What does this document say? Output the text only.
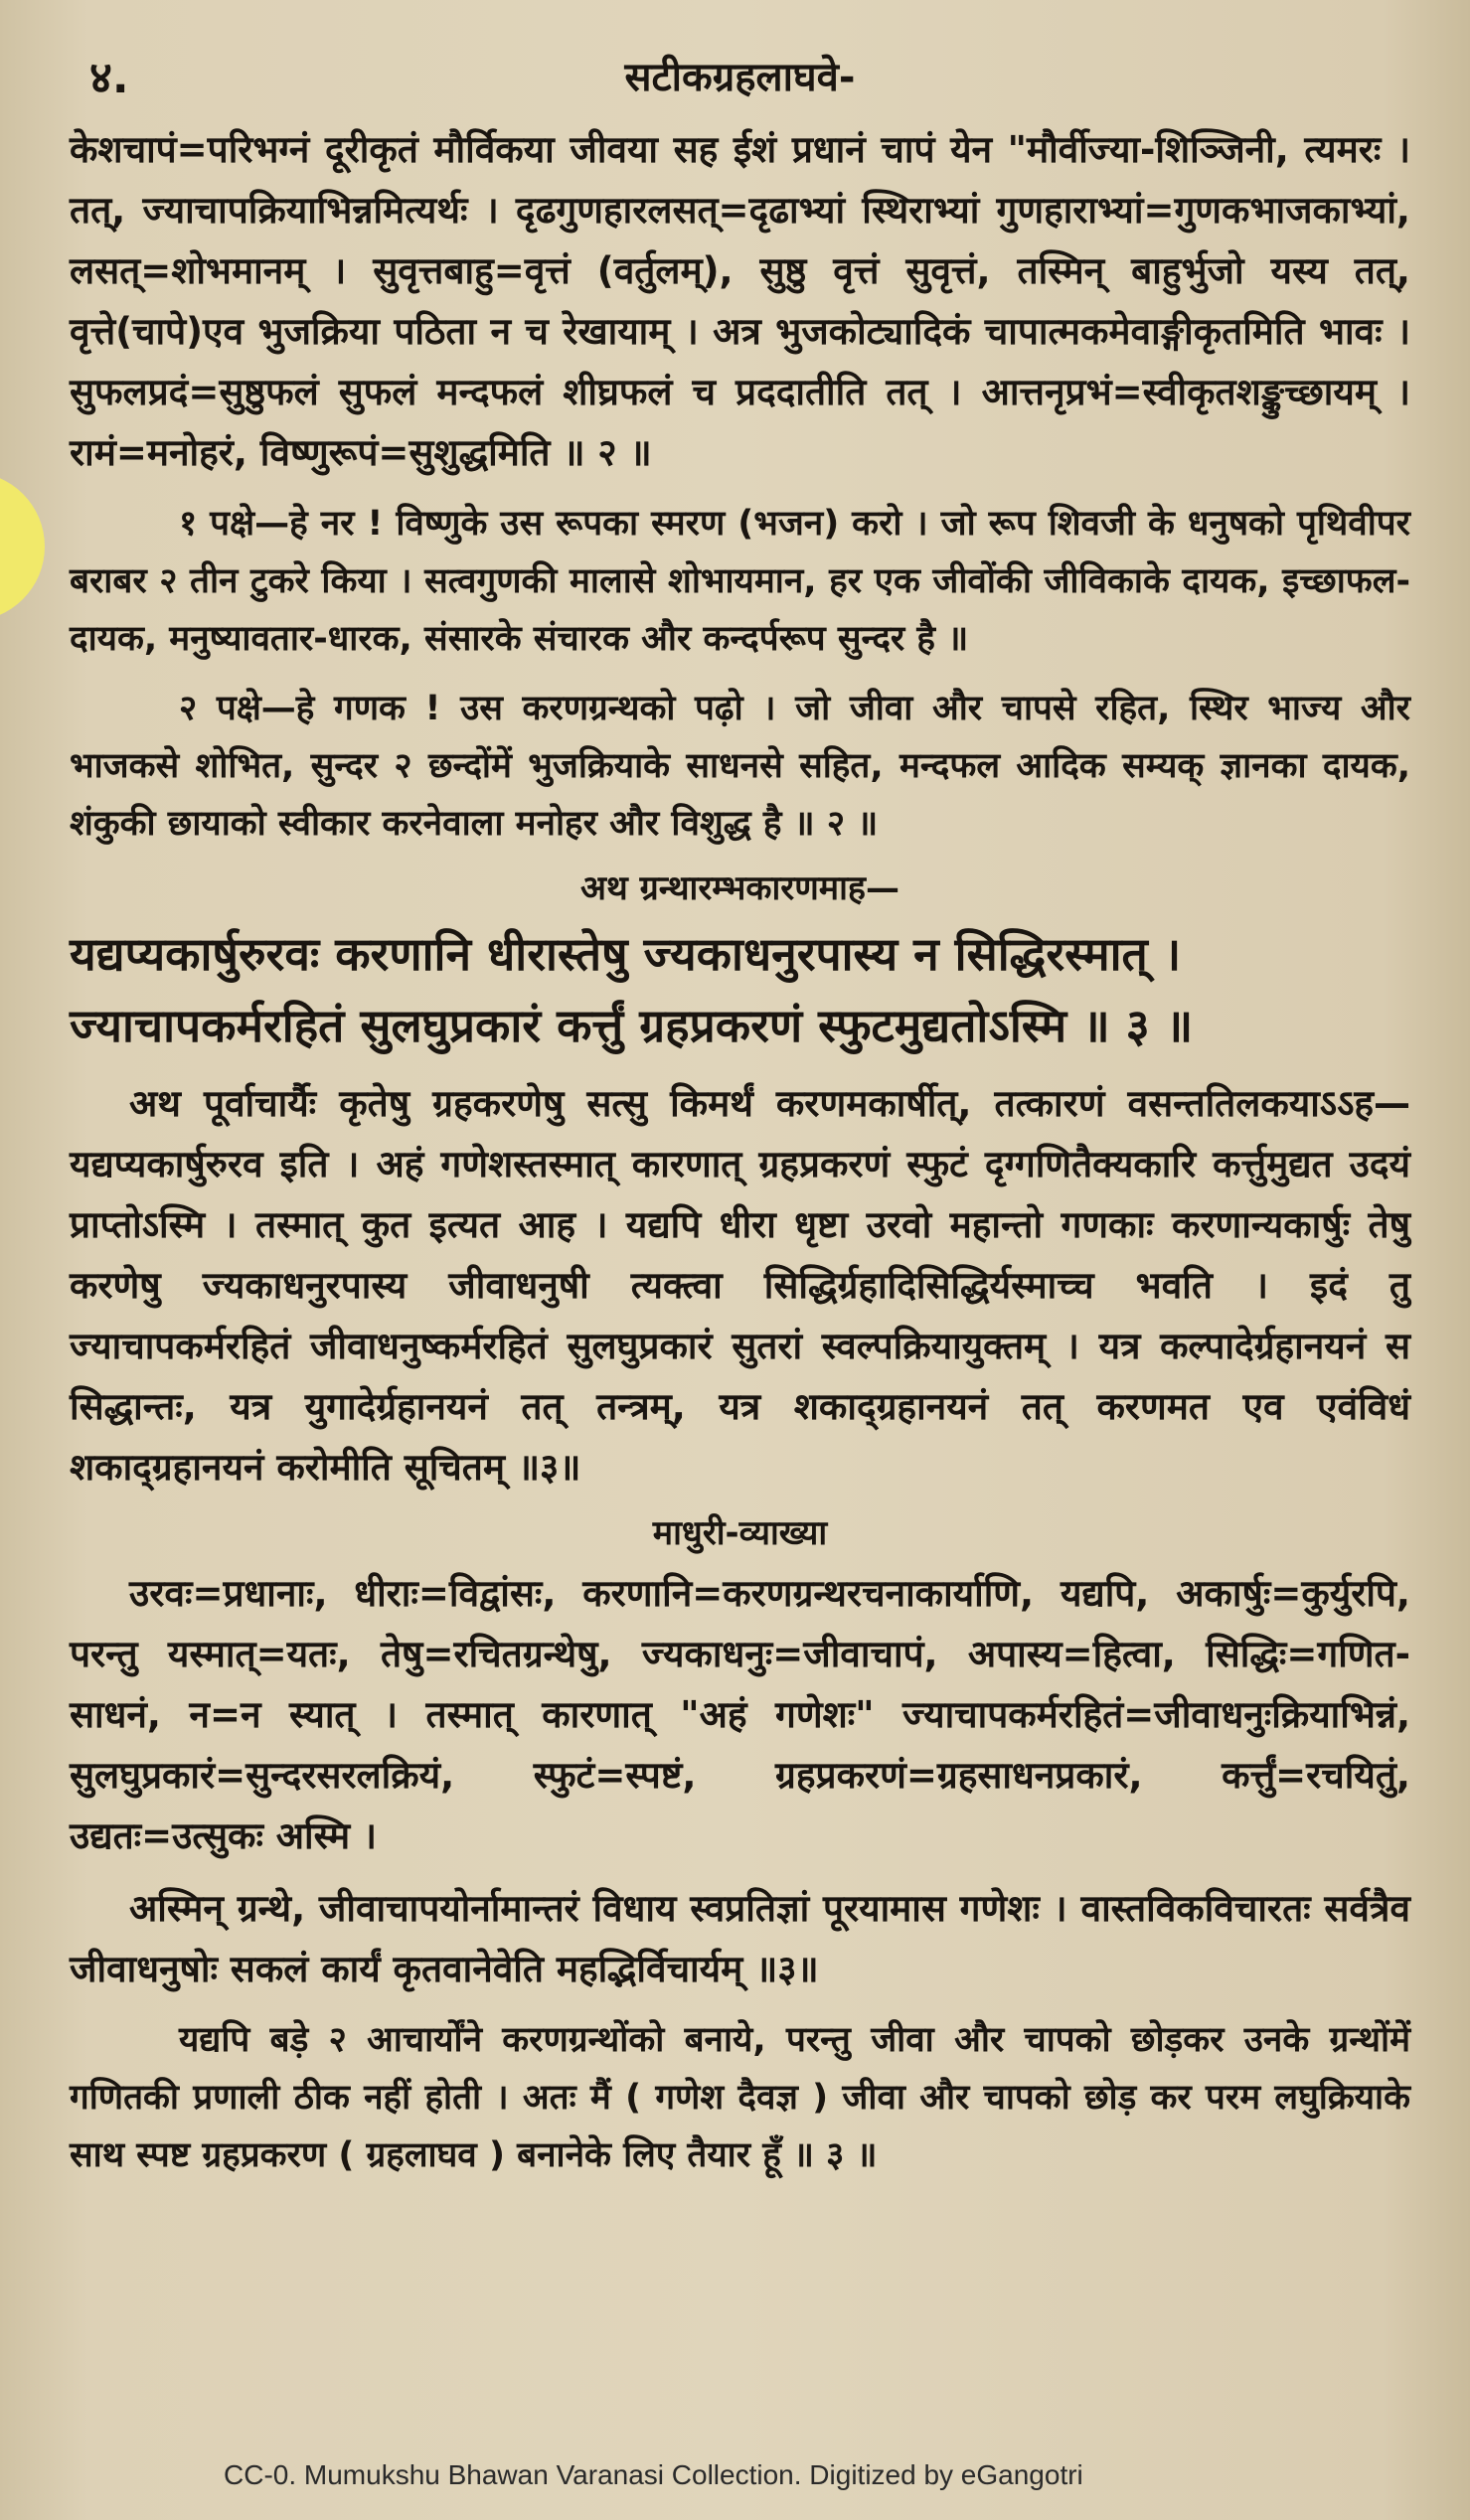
४.	सटीकग्रहलाघवे-

केशचापं=परिभग्नं दूरीकृतं मौर्विकया जीवया सह ईशं प्रधानं चापं येन "मौर्वीज्या-शिञ्जिनी, त्यमरः । तत्, ज्याचापक्रियाभिन्नमित्यर्थः । दृढगुणहारलसत्=दृढाभ्यां स्थिराभ्यां गुणहाराभ्यां=गुणकभाजकाभ्यां, लसत्=शोभमानम् । सुवृत्तबाहु=वृत्तं (वर्तुलम्), सुष्ठु वृत्तं सुवृत्तं, तस्मिन् बाहुर्भुजो यस्य तत्, वृत्ते(चापे)एव भुजक्रिया पठिता न च रेखायाम् । अत्र भुजकोट्यादिकं चापात्मकमेवाङ्गीकृतमिति भावः । सुफलप्रदं=सुष्ठुफलं सुफलं मन्दफलं शीघ्रफलं च प्रददातीति तत् । आत्तनृप्रभं=स्वीकृतशङ्कुच्छायम् । रामं=मनोहरं, विष्णुरूपं=सुशुद्धमिति ॥ २ ॥

१ पक्षे—हे नर ! विष्णुके उस रूपका स्मरण (भजन) करो । जो रूप शिवजी के धनुषको पृथिवीपर बराबर २ तीन टुकरे किया । सत्वगुणकी मालासे शोभायमान, हर एक जीवोंकी जीविकाके दायक, इच्छाफल-दायक, मनुष्यावतार-धारक, संसारके संचारक और कन्दर्परूप सुन्दर है ॥

२ पक्षे—हे गणक ! उस करणग्रन्थको पढ़ो । जो जीवा और चापसे रहित, स्थिर भाज्य और भाजकसे शोभित, सुन्दर २ छन्दोंमें भुजक्रियाके साधनसे सहित, मन्दफल आदिक सम्यक् ज्ञानका दायक, शंकुकी छायाको स्वीकार करनेवाला मनोहर और विशुद्ध है ॥ २ ॥

अथ ग्रन्थारम्भकारणमाह—

यद्यप्यकार्षुरुरवः करणानि धीरास्तेषु ज्यकाधनुरपास्य न सिद्धिरस्मात् ।
ज्याचापकर्मरहितं सुलघुप्रकारं कर्त्तुं ग्रहप्रकरणं स्फुटमुद्यतोऽस्मि ॥ ३ ॥

अथ पूर्वाचार्यैः कृतेषु ग्रहकरणेषु सत्सु किमर्थं करणमकार्षीत्, तत्कारणं वसन्ततिलकयाऽऽह—यद्यप्यकार्षुरुरव इति । अहं गणेशस्तस्मात् कारणात् ग्रहप्रकरणं स्फुटं दृग्गणितैक्यकारि कर्त्तुमुद्यत उदयं प्राप्तोऽस्मि । तस्मात् कुत इत्यत आह । यद्यपि धीरा धृष्टा उरवो महान्तो गणकाः करणान्यकार्षुः तेषु करणेषु ज्यकाधनुरपास्य जीवाधनुषी त्यक्त्वा सिद्धिर्ग्रहादिसिद्धिर्यस्माच्च भवति । इदं तु ज्याचापकर्मरहितं जीवाधनुष्कर्मरहितं सुलघुप्रकारं सुतरां स्वल्पक्रियायुक्तम् । यत्र कल्पादेर्ग्रहानयनं स सिद्धान्तः, यत्र युगादेर्ग्रहानयनं तत् तन्त्रम्, यत्र शकाद्ग्रहानयनं तत् करणमत एव एवंविधं शकाद्ग्रहानयनं करोमीति सूचितम् ॥३॥

माधुरी-व्याख्या

उरवः=प्रधानाः, धीराः=विद्वांसः, करणानि=करणग्रन्थरचनाकार्याणि, यद्यपि, अकार्षुः=कुर्युरपि, परन्तु यस्मात्=यतः, तेषु=रचितग्रन्थेषु, ज्यकाधनुः=जीवाचापं, अपास्य=हित्वा, सिद्धिः=गणित-साधनं, न=न स्यात् । तस्मात् कारणात् "अहं गणेशः" ज्याचापकर्मरहितं=जीवाधनुःक्रियाभिन्नं, सुलघुप्रकारं=सुन्दरसरलक्रियं, स्फुटं=स्पष्टं, ग्रहप्रकरणं=ग्रहसाधनप्रकारं, कर्त्तुं=रचयितुं, उद्यतः=उत्सुकः अस्मि ।

अस्मिन् ग्रन्थे, जीवाचापयोर्नामान्तरं विधाय स्वप्रतिज्ञां पूरयामास गणेशः । वास्तविकविचारतः सर्वत्रैव जीवाधनुषोः सकलं कार्यं कृतवानेवेति महद्भिर्विचार्यम् ॥३॥

यद्यपि बड़े २ आचार्योंने करणग्रन्थोंको बनाये, परन्तु जीवा और चापको छोड़कर उनके ग्रन्थोंमें गणितकी प्रणाली ठीक नहीं होती । अतः मैं ( गणेश दैवज्ञ ) जीवा और चापको छोड़ कर परम लघुक्रियाके साथ स्पष्ट ग्रहप्रकरण ( ग्रहलाघव ) बनानेके लिए तैयार हूँ ॥ ३ ॥

CC-0. Mumukshu Bhawan Varanasi Collection. Digitized by eGangotri
